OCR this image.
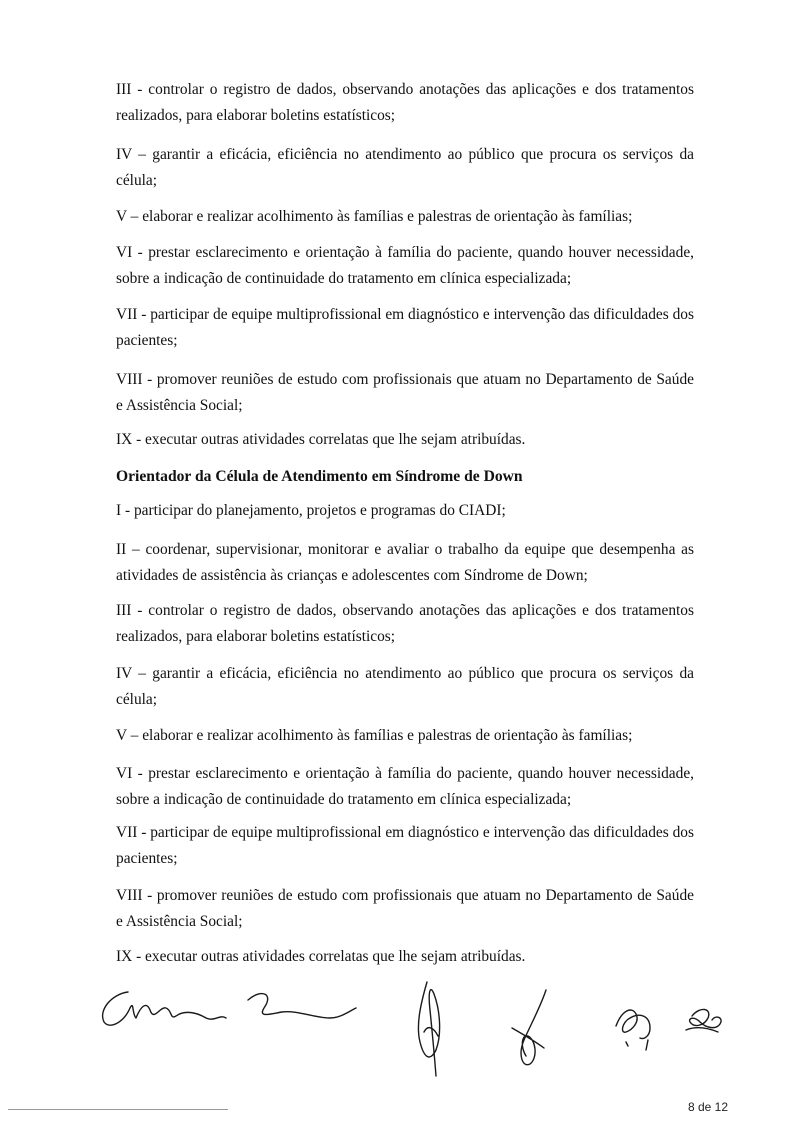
III - controlar o registro de dados, observando anotações das aplicações e dos tratamentos realizados, para elaborar boletins estatísticos;

IV – garantir a eficácia, eficiência no atendimento ao público que procura os serviços da célula;

V – elaborar e realizar acolhimento às famílias e palestras de orientação às famílias;

VI - prestar esclarecimento e orientação à família do paciente, quando houver necessidade, sobre a indicação de continuidade do tratamento em clínica especializada;

VII - participar de equipe multiprofissional em diagnóstico e intervenção das dificuldades dos pacientes;

VIII - promover reuniões de estudo com profissionais que atuam no Departamento de Saúde e Assistência Social;

IX - executar outras atividades correlatas que lhe sejam atribuídas.

Orientador da Célula de Atendimento em Síndrome de Down

I - participar do planejamento, projetos e programas do CIADI;

II – coordenar, supervisionar, monitorar e avaliar o trabalho da equipe que desempenha as atividades de assistência às crianças e adolescentes com Síndrome de Down;

III - controlar o registro de dados, observando anotações das aplicações e dos tratamentos realizados, para elaborar boletins estatísticos;

IV – garantir a eficácia, eficiência no atendimento ao público que procura os serviços da célula;

V – elaborar e realizar acolhimento às famílias e palestras de orientação às famílias;

VI - prestar esclarecimento e orientação à família do paciente, quando houver necessidade, sobre a indicação de continuidade do tratamento em clínica especializada;

VII - participar de equipe multiprofissional em diagnóstico e intervenção das dificuldades dos pacientes;

VIII - promover reuniões de estudo com profissionais que atuam no Departamento de Saúde e Assistência Social;

IX - executar outras atividades correlatas que lhe sejam atribuídas.

8 de 12
